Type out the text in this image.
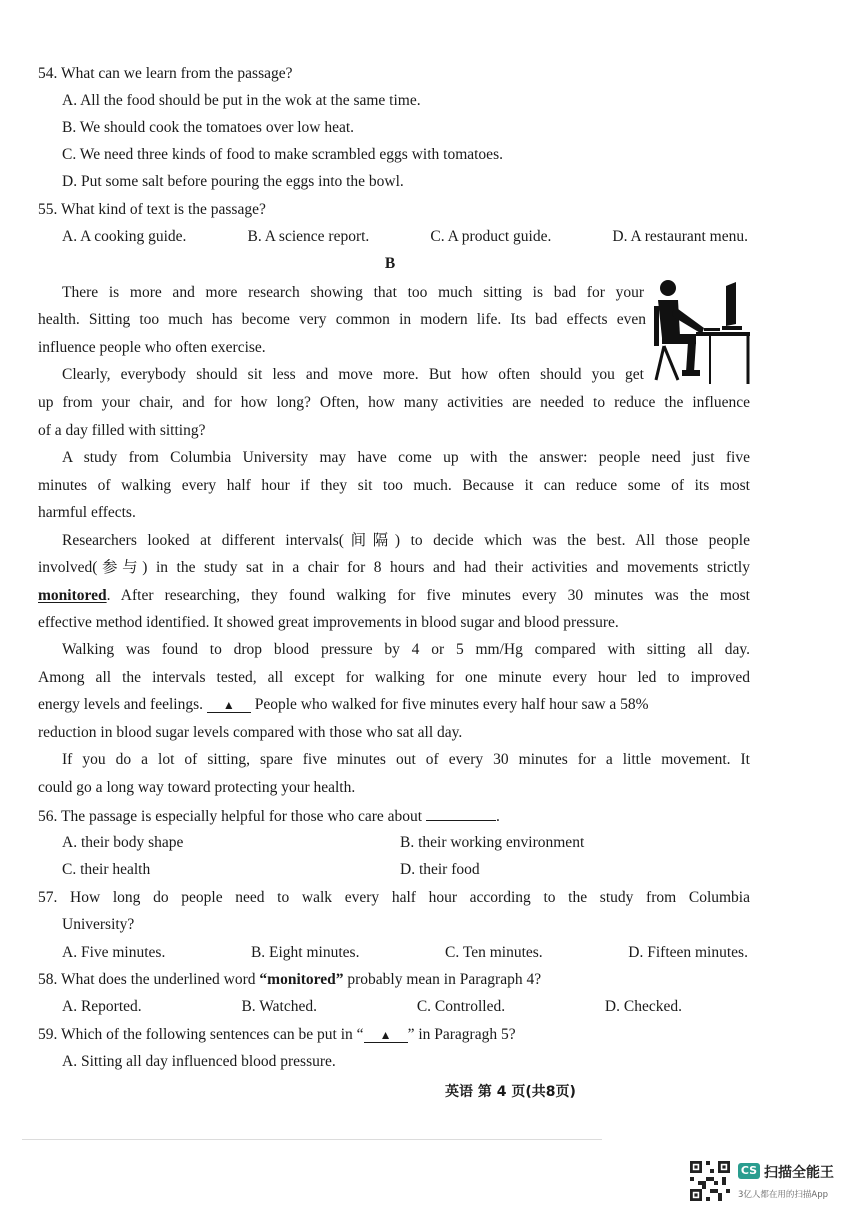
54. What can we learn from the passage?
A. All the food should be put in the wok at the same time.
B. We should cook the tomatoes over low heat.
C. We need three kinds of food to make scrambled eggs with tomatoes.
D. Put some salt before pouring the eggs into the bowl.
55. What kind of text is the passage?
A. A cooking guide.	B. A science report.	C. A product guide.	D. A restaurant menu.
B
There is more and more research showing that too much sitting is bad for your
health. Sitting too much has become very common in modern life. Its bad effects even
influence people who often exercise.
Clearly, everybody should sit less and move more. But how often should you get
up from your chair, and for how long? Often, how many activities are needed to reduce the influence
of a day filled with sitting?
A study from Columbia University may have come up with the answer: people need just five
minutes of walking every half hour if they sit too much. Because it can reduce some of its most
harmful effects.
Researchers looked at different intervals(间隔) to decide which was the best. All those people
involved(参与) in the study sat in a chair for 8 hours and had their activities and movements strictly
monitored. After researching, they found walking for five minutes every 30 minutes was the most
effective method identified. It showed great improvements in blood sugar and blood pressure.
Walking was found to drop blood pressure by 4 or 5 mm/Hg compared with sitting all day.
Among all the intervals tested, all except for walking for one minute every hour led to improved
energy levels and feelings. ▲ People who walked for five minutes every half hour saw a 58%
reduction in blood sugar levels compared with those who sat all day.
If you do a lot of sitting, spare five minutes out of every 30 minutes for a little movement. It
could go a long way toward protecting your health.
56. The passage is especially helpful for those who care about	.
A. their body shape	B. their working environment
C. their health	D. their food
57. How long do people need to walk every half hour according to the study from Columbia
University?
A. Five minutes.	B. Eight minutes.	C. Ten minutes.	D. Fifteen minutes.
58. What does the underlined word “monitored” probably mean in Paragraph 4?
A. Reported.	B. Watched.	C. Controlled.	D. Checked.
59. Which of the following sentences can be put in “ ▲ ” in Paragragh 5?
A. Sitting all day influenced blood pressure.
英语 第 4 页(共8页)
CS 扫描全能王
3亿人都在用的扫描App
